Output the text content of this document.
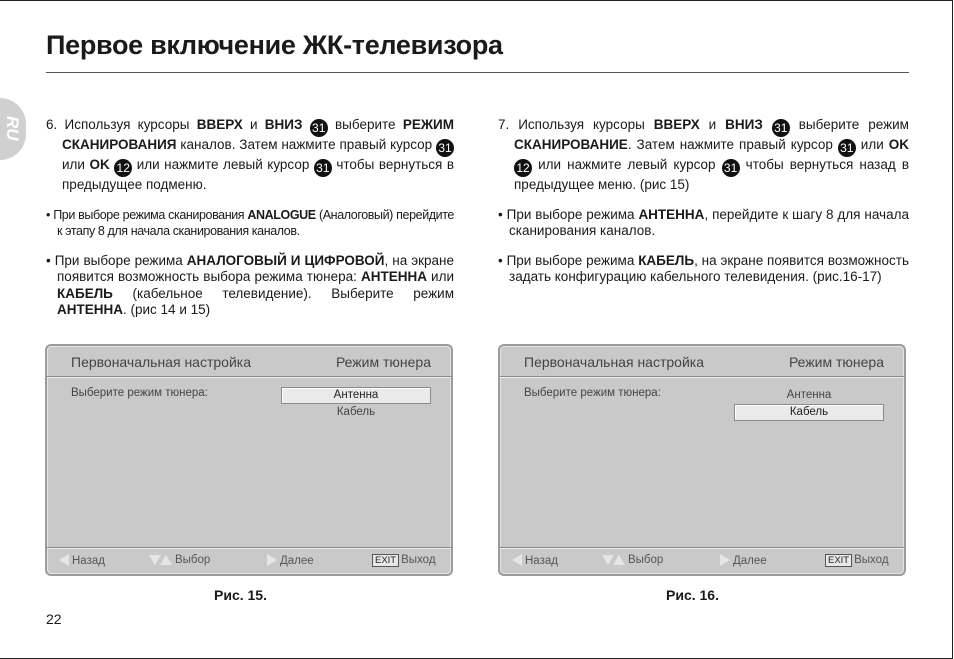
RU
Первое включение ЖК-телевизора
6. Используя курсоры ВВЕРХ и ВНИЗ 31 выберите РЕЖИМ СКАНИРОВАНИЯ каналов. Затем нажмите правый курсор 31 или OK 12 или нажмите левый курсор 31 чтобы вернуться в предыдущее подменю.
• При выборе режима сканирования ANALOGUE (Аналоговый) перейдите к этапу 8 для начала сканирования каналов.
• При выборе режима АНАЛОГОВЫЙ И ЦИФРОВОЙ, на экране появится возможность выбора режима тюнера: АНТЕННА или КАБЕЛЬ (кабельное телевидение). Выберите режим АНТЕННА. (рис 14 и 15)
7. Используя курсоры ВВЕРХ и ВНИЗ 31 выберите режим СКАНИРОВАНИЕ. Затем нажмите правый курсор 31 или OK 12 или нажмите левый курсор 31 чтобы вернуться назад в предыдущее меню. (рис 15)
• При выборе режима АНТЕННА, перейдите к шагу 8 для начала сканирования каналов.
• При выборе режима КАБЕЛЬ, на экране появится возможность задать конфигурацию кабельного телевидения. (рис.16-17)
Первоначальная настройка	Режим тюнера
Выберите режим тюнера:	Антенна
Кабель
Назад	Выбор	Далее	EXIT Выход
Первоначальная настройка	Режим тюнера
Выберите режим тюнера:	Антенна
Кабель
Назад	Выбор	Далее	EXIT Выход
Рис. 15.	Рис. 16.
22
